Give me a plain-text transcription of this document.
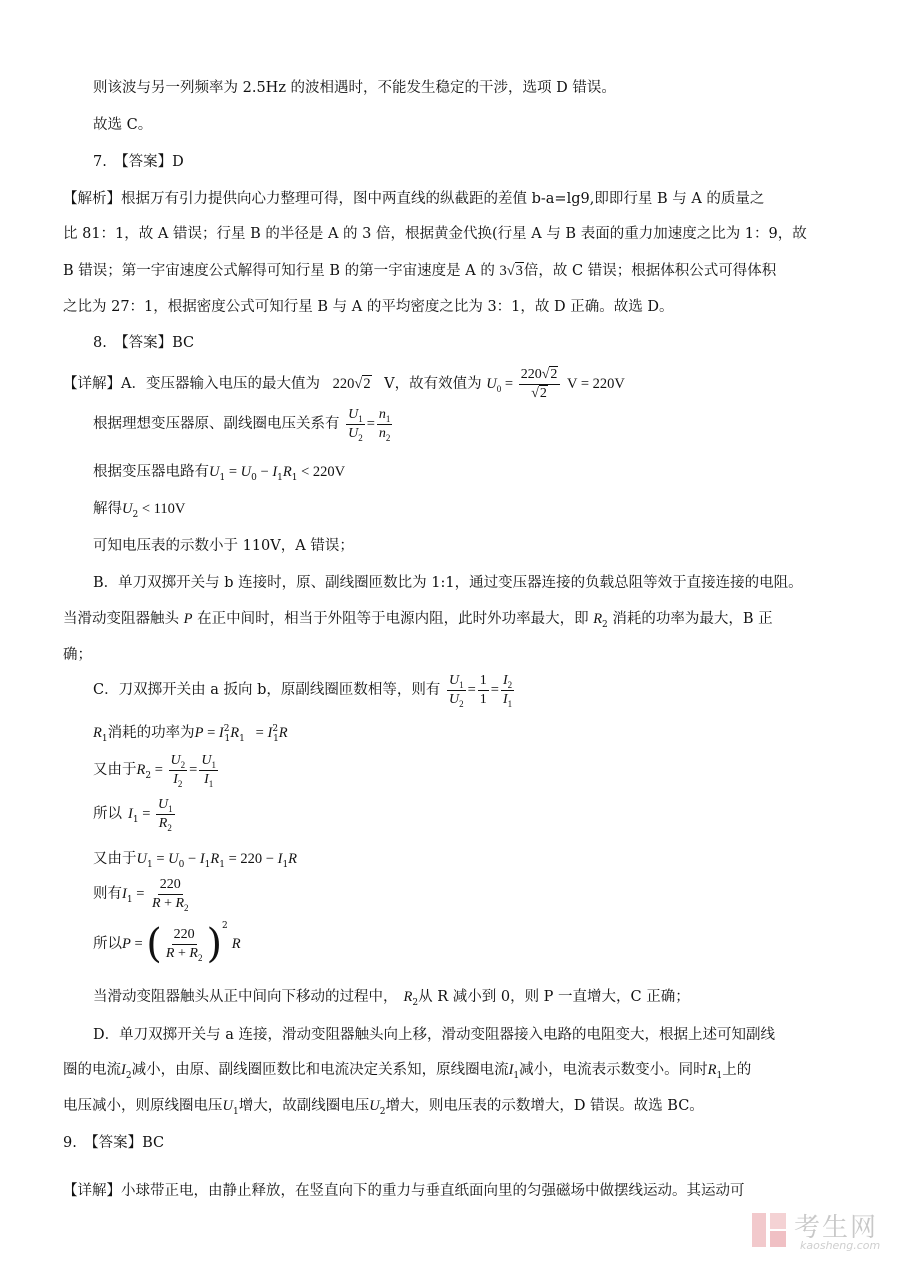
则该波与另一列频率为 2.5Hz 的波相遇时，不能发生稳定的干涉，选项 D 错误。
故选 C。
7.　【答案】D
【解析】根据万有引力提供向心力整理可得，图中两直线的纵截距的差值 b-a=lg9,即即行星 B 与 A 的质量之
比 81：1，故 A 错误；行星 B 的半径是 A 的 3 倍，根据黄金代换(行星 A 与 B 表面的重力加速度之比为 1：9，故
B 错误；第一宇宙速度公式解得可知行星 B 的第一宇宙速度是 A 的 3√3倍，故 C 错误；根据体积公式可得体积
之比为 27：1，根据密度公式可知行星 B 与 A 的平均密度之比为 3：1，故 D 正确。故选 D。
8.　【答案】BC
【详解】A．变压器输入电压的最大值为 220√2 V，故有效值为 $U_0 = \frac{220√2}{√2}$ V = 220V
根据理想变压器原、副线圈电压关系有 $\frac{U_1}{U_2} = \frac{n_1}{n_2}$
根据变压器电路有$U_1 = U_0 - I_1R_1 < 220V$
解得$U_2 < 110V$
可知电压表的示数小于 110V，A 错误；
B．单刀双掷开关与 b 连接时，原、副线圈匝数比为 1:1，通过变压器连接的负载总阻等效于直接连接的电阻。
当滑动变阻器触头 P 在正中间时，相当于外阻等于电源内阻，此时外功率最大，即 $R_2$ 消耗的功率为最大，B 正
确；
C．刀双掷开关由 a 扳向 b，原副线圈匝数相等，则有 $\frac{U_1}{U_2} = \frac{1}{1} = \frac{I_2}{I_1}$
$R_1$消耗的功率为$P = I^2_1R_1 = I^2_1R$
又由于$R_2 = \frac{U_2}{I_2} = \frac{U_1}{I_1}$
所以 $I_1 = \frac{U_1}{R_2}$
又由于$U_1 = U_0 - I_1R_1 = 220 - I_1R$
则有$I_1 = \frac{220}{R + R_2}$
所以P = ( $\frac{220}{R + R_2} )^2R$
当滑动变阻器触头从正中间向下移动的过程中， $R_2$从 R 减小到 0，则 P 一直增大，C 正确；
D．单刀双掷开关与 a 连接，滑动变阻器触头向上移，滑动变阻器接入电路的电阻变大，根据上述可知副线
圈的电流$I_2$减小，由原、副线圈匝数比和电流决定关系知，原线圈电流$I_1$减小，电流表示数变小。同时$R_1$上的
电压减小，则原线圈电压$U_1$增大，故副线圈电压$U_2$增大，则电压表的示数增大，D 错误。故选 BC。
9.　【答案】BC
【详解】小球带正电，由静止释放，在竖直向下的重力与垂直纸面向里的匀强磁场中做摆线运动。其运动可
考生网
kaosheng.com
